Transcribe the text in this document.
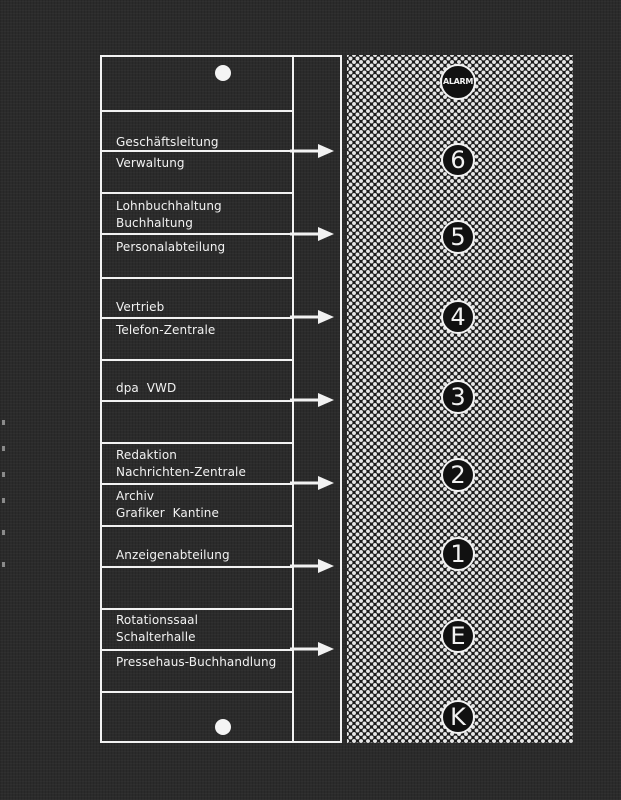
Geschäftsleitung
Verwaltung
Lohnbuchhaltung
Buchhaltung
Personalabteilung
Vertrieb
Telefon-Zentrale
dpa  VWD
Redaktion
Nachrichten-Zentrale
Archiv
Grafiker  Kantine
Anzeigenabteilung
Rotationssaal
Schalterhalle
Pressehaus-Buchhandlung
ALARM
6
5
4
3
2
1
E
K
